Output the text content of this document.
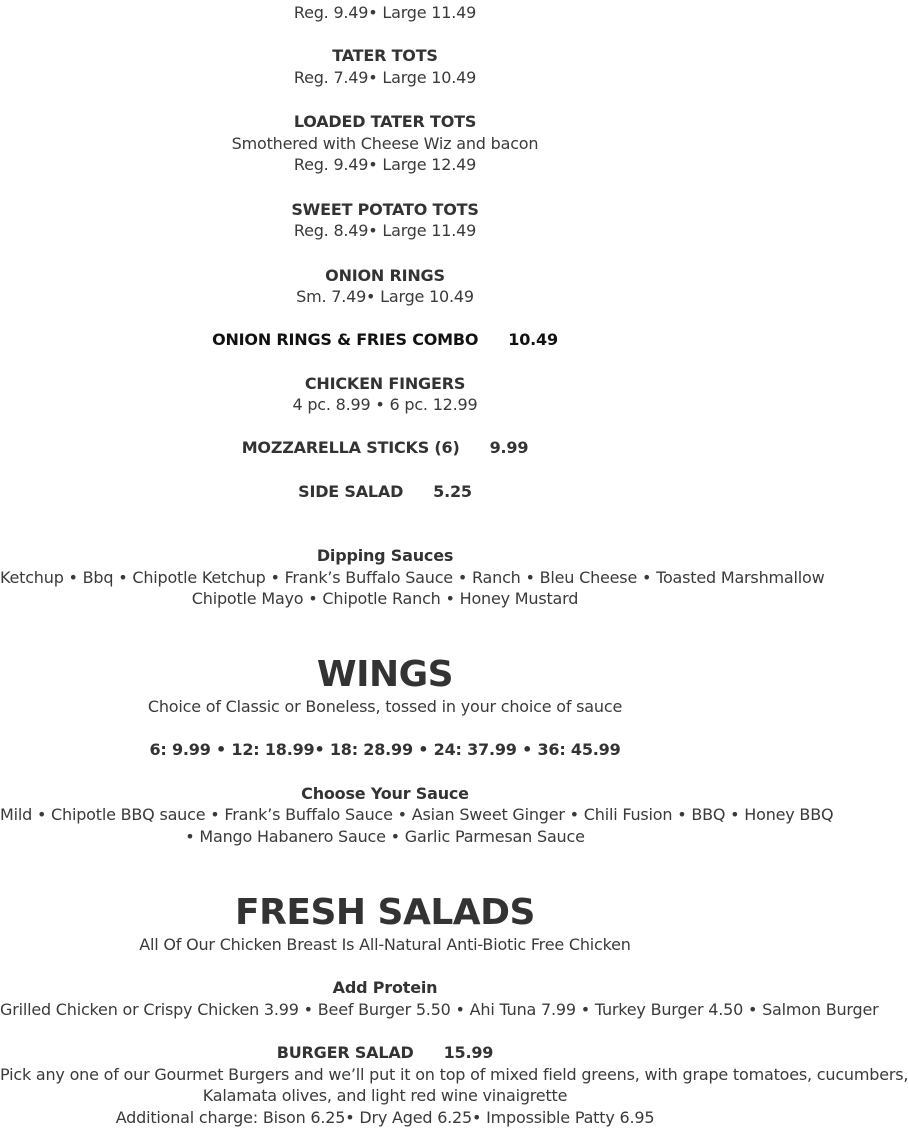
Reg. 9.49• Large 11.49
TATER TOTS
Reg. 7.49• Large 10.49
LOADED TATER TOTS
Smothered with Cheese Wiz and bacon
Reg. 9.49• Large 12.49
SWEET POTATO TOTS
Reg. 8.49• Large 11.49
ONION RINGS
Sm. 7.49• Large 10.49
ONION RINGS & FRIES COMBO 10.49
CHICKEN FINGERS
4 pc. 8.99 • 6 pc. 12.99
MOZZARELLA STICKS (6) 9.99
SIDE SALAD 5.25
Dipping Sauces
Ketchup • Bbq • Chipotle Ketchup • Frank’s Buffalo Sauce • Ranch • Bleu Cheese • Toasted Marshmallow
Chipotle Mayo • Chipotle Ranch • Honey Mustard
WINGS
Choice of Classic or Boneless, tossed in your choice of sauce
6: 9.99 • 12: 18.99• 18: 28.99 • 24: 37.99 • 36: 45.99
Choose Your Sauce
Mild • Chipotle BBQ sauce • Frank’s Buffalo Sauce • Asian Sweet Ginger • Chili Fusion • BBQ • Honey BBQ
• Mango Habanero Sauce • Garlic Parmesan Sauce
FRESH SALADS
All Of Our Chicken Breast Is All-Natural Anti-Biotic Free Chicken
Add Protein
Grilled Chicken or Crispy Chicken 3.99 • Beef Burger 5.50 • Ahi Tuna 7.99 • Turkey Burger 4.50 • Salmon Burger
BURGER SALAD 15.99
Pick any one of our Gourmet Burgers and we’ll put it on top of mixed field greens, with grape tomatoes, cucumbers,
Kalamata olives, and light red wine vinaigrette
Additional charge: Bison 6.25• Dry Aged 6.25• Impossible Patty 6.95
